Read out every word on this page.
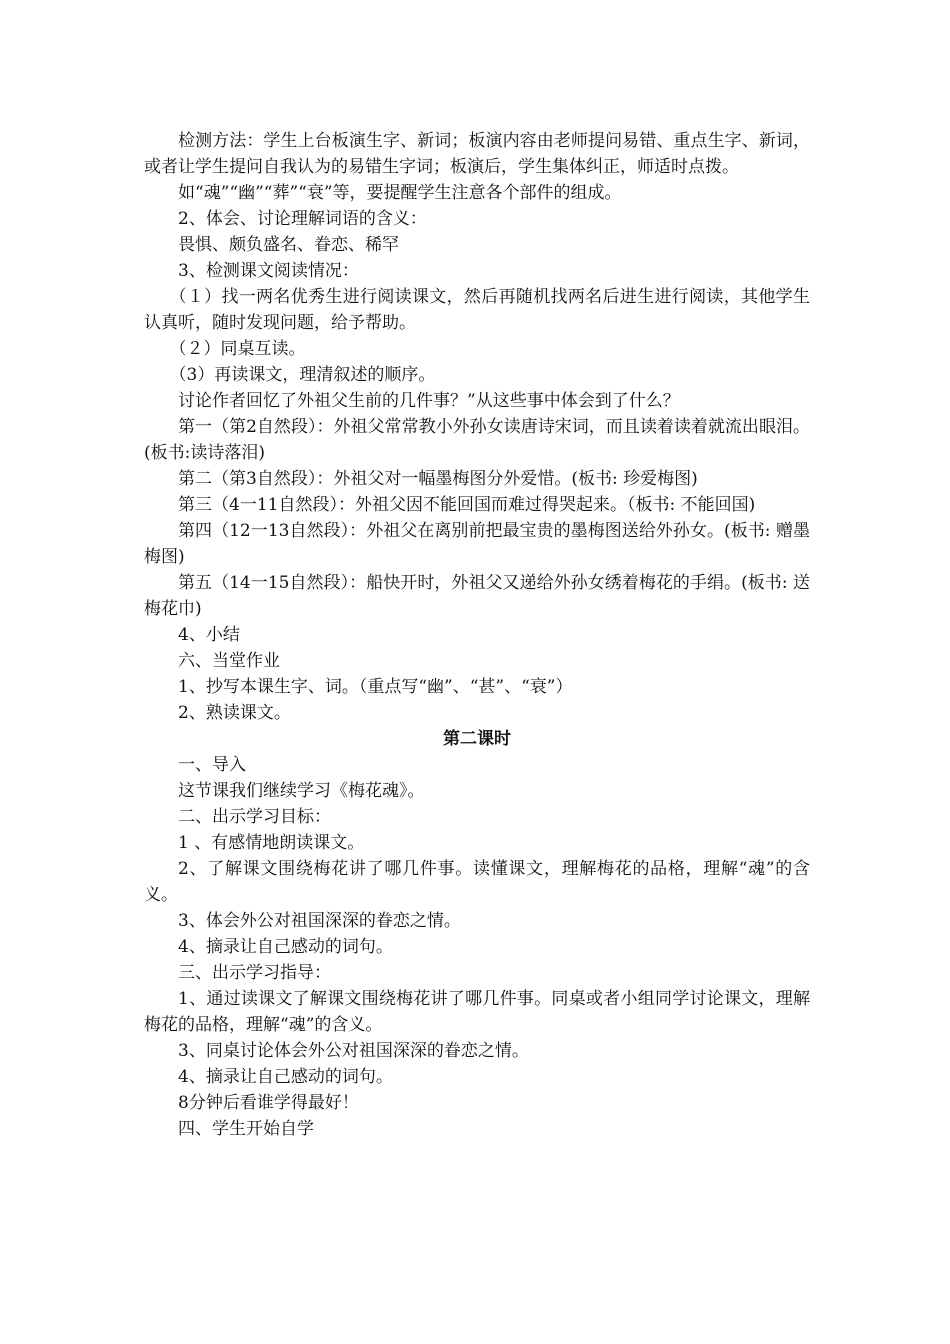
检测方法：学生上台板演生字、新词；板演内容由老师提问易错、重点生字、新词，或者让学生提问自我认为的易错生字词；板演后，学生集体纠正，师适时点拨。

如“魂”“幽”“葬”“衰”等，要提醒学生注意各个部件的组成。

2、体会、讨论理解词语的含义：

畏惧、颇负盛名、眷恋、稀罕

3、检测课文阅读情况：

（１）找一两名优秀生进行阅读课文，然后再随机找两名后进生进行阅读，其他学生认真听，随时发现问题，给予帮助。

（２）同桌互读。

（3）再读课文，理清叙述的顺序。

讨论作者回忆了外祖父生前的几件事？”从这些事中体会到了什么？

第一（第2自然段）：外祖父常常教小外孙女读唐诗宋词，而且读着读着就流出眼泪。(板书:读诗落泪)

第二（第3自然段）：外祖父对一幅墨梅图分外爱惜。(板书: 珍爱梅图)

第三（4一11自然段）：外祖父因不能回国而难过得哭起来。（板书: 不能回国)

第四（12一13自然段）：外祖父在离别前把最宝贵的墨梅图送给外孙女。(板书: 赠墨梅图)

第五（14一15自然段）：船快开时，外祖父又递给外孙女绣着梅花的手绢。(板书: 送梅花巾)

4、小结

六、当堂作业

1、抄写本课生字、词。（重点写“幽”、“甚”、“衰”）

2、熟读课文。

第二课时

一、导入

这节课我们继续学习《梅花魂》。

二、出示学习目标：

1 、有感情地朗读课文。

2、了解课文围绕梅花讲了哪几件事。读懂课文，理解梅花的品格，理解“魂”的含义。

3、体会外公对祖国深深的眷恋之情。

4、摘录让自己感动的词句。

三、出示学习指导：

1、通过读课文了解课文围绕梅花讲了哪几件事。同桌或者小组同学讨论课文，理解梅花的品格，理解“魂”的含义。

3、同桌讨论体会外公对祖国深深的眷恋之情。

4、摘录让自己感动的词句。

8分钟后看谁学得最好！

四、学生开始自学
